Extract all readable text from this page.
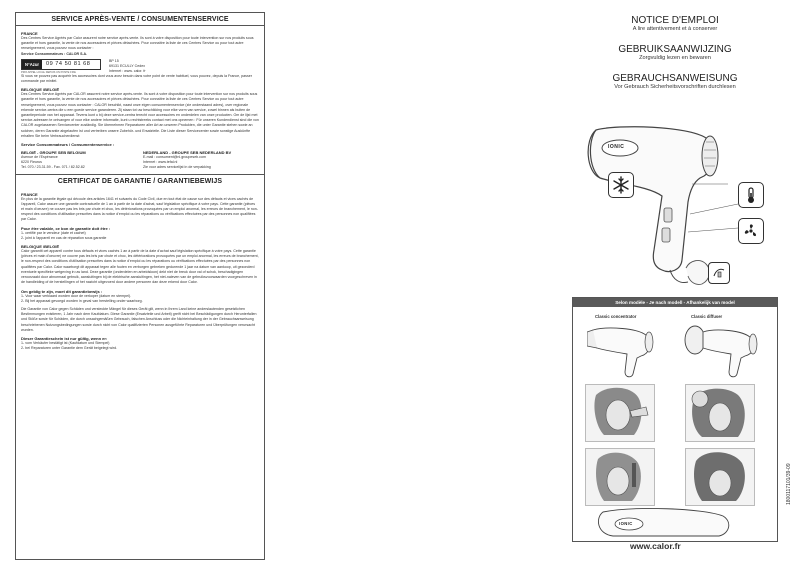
SERVICE APRÈS-VENTE / CONSUMENTENSERVICE
FRANCE
Des Centres Service Agréés par Calor assurent notre service après-vente. Ils sont à votre disposition pour toute intervention sur nos produits sous garantie et hors garantie, la vente de nos accessoires et pièces détachées. Pour connaître la liste de ces Centres Service ou pour tout autre renseignement, vous pouvez nous contacter :
Service Consommateurs : CALOR S.A.
N°Azur	09 74 50 81 68
PRIX APPEL LOCAL DEPUIS UN POSTE FIXE
BP 15
69131 ECULLY Cedex
Internet : www. calor. fr
Si vous ne pouvez pas acquérir les accessoires dont vous avez besoin dans votre point de vente habituel, vous pouvez, depuis la France, passer commande par minitel.
BELGIQUE /BELGIË
Des Centres Service Agréés par CALOR assurent notre service après-vente. Ils sont à votre disposition pour toute intervention sur nos produits sous garantie et hors garantie, la vente de nos accessoires et pièces détachées. Pour connaître la liste de ces Centres Service ou pour tout autre renseignement, vous pouvez nous contacter : CALOR beschikt, naast onze eigen consumentenservice (zie onderstaand adres), over regionale erkende service-centra die u een goede service garanderen. Zij staan tot uw beschikking voor elke vorm van service, zowel binnen als buiten de garantieperiode van het apparaat. Tevens kunt u bij deze service-centra terecht voor accessoires en onderdelen van onze producten. Om de lijst met service-adressen te ontvangen of voor elke andere informatie, kunt u rechtstreeks contact met ons opnemen : Für unseren Kundendienst sind die von CALOR zugelassenen Servicecenter zuständig. Sie übernehmen Reparaturen aller Art an unseren Produkten, die unter Garantie stehen sowie an solchen, deren Garantie abgelaufen ist und vertreiben unsere Zubehör- und Ersatzteile. Die Liste dieser Servicecenter sowie sonstige Auskünfte erhalten Sie beim Verbraucherdienst:
Service Consommateurs / Consumentenservice :
BELGIË - GROUPE SEB BELGIUM
Avenue de l'Espérance
6220 Fleurus
Tel. 070 / 23.31.59 - Fax. 071 / 82.52.82
NEDERLAND - GROUPE SEB NEDERLAND BV
E-mail : consument@nl.groupeseb.com
Internet : www.tefal.nl
Zie voor adres servicelijst in de verpakking
CERTIFICAT DE GARANTIE / GARANTIEBEWIJS
FRANCE
En plus de la garantie légale qui découle des articles 1641 et suivants du Code Civil, due en tout état de cause sur des défauts et vices cachés de l'appareil, Calor assure une garantie contractuelle de 1 an à partir de la date d'achat, sauf législation spécifique à votre pays. Cette garantie (pièces et main d'oeuvre) ne couvre pas les bris par chute et choc, les détériorations provoquées par un emploi anormal, les erreurs de branchement, le non-respect des conditions d'utilisation prescrites dans la notice d'emploi ou les réparations ou vérifications effectuées par des personnes non qualifiées par Calor.
Pour être valable, ce bon de garantie doit être :
1- certifié par le vendeur (date et cachet)
2- joint à l'appareil en cas de réparation sous garantie
BELGIQUE /BELGIË
Calor garantit cet appareil contre tous défauts et vices cachés 1 an à partir de la date d'achat sauf législation spécifique à votre pays. Cette garantie (pièces et main d'oeuvre) ne couvre pas les bris par chute et choc, les détériorations provoquées par un emploi anormal, les erreurs de branchement, le non-respect des conditions d'utilisation prescrites dans la notice d'emploi ou les réparations ou vérifications effectuées par des personnes non qualifiées par Calor. Calor waarborgt dit apparaat tegen alle fouten en verborgen gebreken gedurende 1 jaar na datum van aankoop, uit gezonderd eventuele specifieke wetgeving in uw land. Deze garantie (onderdelen en arbeidsloon) dekt niet de breuk door val of schok, beschadigingen veroorzaakt door abnormaal gebruik, aansluitingen bij de elektrische aansluitingen, het niet-naleven van de gebruiksvoorwaarden voorgeschreven in de handleiding of de herstellingen of het nazicht uitgevoerd door andere personen dan deze erkend door Calor.
Om geldig te zijn, moet dit garantiebewijs :
1- Voor waar verklaard worden door de verkoper (datum en stempel).
2- Bij het apparaat gevoegd worden in geval van herstelling onder waarborg.
Die Garantie von Calor gegen Schäden und versteckte Mängel für dieses Gerät gilt, wenn in Ihrem Land keine anderslautenden gesetzlichen Bestimmungen existieren, 1 Jahr nach dem Kaufdatum. Diese Garantie (Ersatzteile und Arbeit) greift nicht bei Beschädigungen durch Herunterfallen und Stöße sowie für Schäden, die durch unsachgemäßen Gebrauch, falschen Anschluss oder die Nichteinhaltung der in der Gebrauchsanweisung beschriebenen Nutzungsbedingungen sowie durch nicht von Calor qualifizierten Personen ausgeführte Reparaturen und Überprüfungen verursacht wurden.
Dieser Garantieschein ist nur gültig, wenn er:
1- vom Verkäufer bestätigt ist (Kaufdatum und Stempel)
2- bei Reparaturen unter Garantie dem Gerät beigelegt wird.
NOTICE D'EMPLOI
A lire attentivement et à conserver
GEBRUIKSAANWIJZING
Zorgvuldig lezen en bewaren
GEBRAUCHSANWEISUNG
Vor Gebrauch Sicherheitsvorschriften durchlesen
IONIC
Selon modèle - Je nach modell - Afhankelijk van model
Classic concentrator	Classic diffuser
IONIC
www.calor.fr
1800117101/39-09
